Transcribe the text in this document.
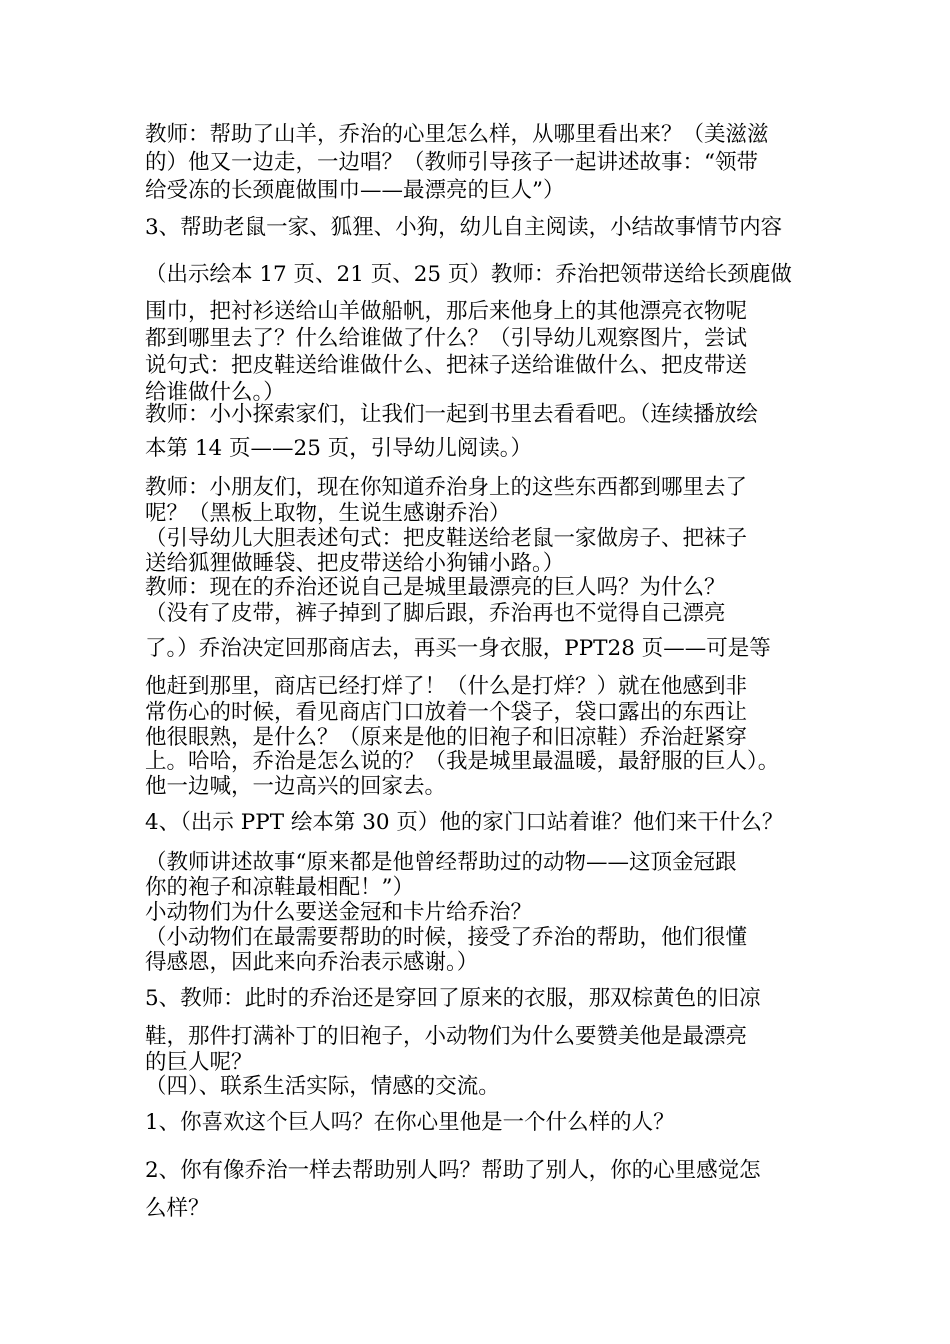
教师：帮助了山羊，乔治的心里怎么样，从哪里看出来？（美滋滋
的）他又一边走，一边唱？（教师引导孩子一起讲述故事：“领带
给受冻的长颈鹿做围巾——最漂亮的巨人”）
3、帮助老鼠一家、狐狸、小狗，幼儿自主阅读，小结故事情节内容
（出示绘本 17 页、21 页、25 页）教师：乔治把领带送给长颈鹿做
围巾，把衬衫送给山羊做船帆，那后来他身上的其他漂亮衣物呢
都到哪里去了？什么给谁做了什么？（引导幼儿观察图片，尝试
说句式：把皮鞋送给谁做什么、把袜子送给谁做什么、把皮带送
给谁做什么。）
教师：小小探索家们，让我们一起到书里去看看吧。（连续播放绘
本第 14 页——25 页，引导幼儿阅读。）
教师：小朋友们，现在你知道乔治身上的这些东西都到哪里去了
呢？（黑板上取物，生说生感谢乔治）
（引导幼儿大胆表述句式：把皮鞋送给老鼠一家做房子、把袜子
送给狐狸做睡袋、把皮带送给小狗铺小路。）
教师：现在的乔治还说自己是城里最漂亮的巨人吗？为什么？
（没有了皮带，裤子掉到了脚后跟，乔治再也不觉得自己漂亮
了。）乔治决定回那商店去，再买一身衣服，PPT28 页——可是等
他赶到那里，商店已经打烊了！（什么是打烊？）就在他感到非
常伤心的时候，看见商店门口放着一个袋子，袋口露出的东西让
他很眼熟，是什么？（原来是他的旧袍子和旧凉鞋）乔治赶紧穿
上。哈哈，乔治是怎么说的？（我是城里最温暖，最舒服的巨人）。
他一边喊，一边高兴的回家去。
4、（出示 PPT 绘本第 30 页）他的家门口站着谁？他们来干什么？
（教师讲述故事“原来都是他曾经帮助过的动物——这顶金冠跟
你的袍子和凉鞋最相配！”）
小动物们为什么要送金冠和卡片给乔治？
（小动物们在最需要帮助的时候，接受了乔治的帮助，他们很懂
得感恩，因此来向乔治表示感谢。）
5、教师：此时的乔治还是穿回了原来的衣服，那双棕黄色的旧凉
鞋，那件打满补丁的旧袍子，小动物们为什么要赞美他是最漂亮
的巨人呢？
（四）、联系生活实际，情感的交流。
1、你喜欢这个巨人吗？在你心里他是一个什么样的人？
2、你有像乔治一样去帮助别人吗？帮助了别人，你的心里感觉怎
么样？
